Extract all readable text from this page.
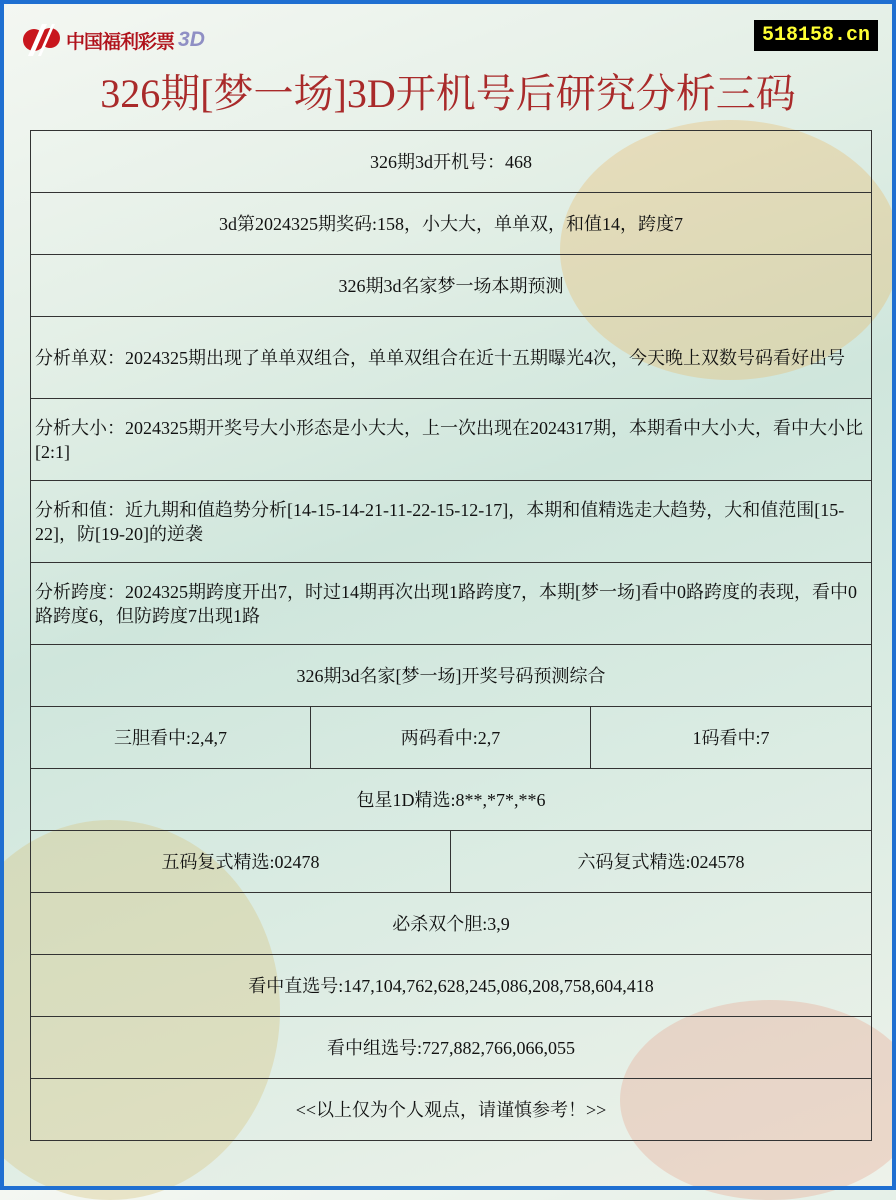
中国福利彩票 3D	518158.cn
326期[梦一场]3D开机号后研究分析三码
326期3d开机号：468			
3d第2024325期奖码:158，小大大，单单双，和值14，跨度7			
326期3d名家梦一场本期预测			
分析单双：2024325期出现了单单双组合，单单双组合在近十五期曝光4次，今天晚上双数号码看好出号			
分析大小：2024325期开奖号大小形态是小大大，上一次出现在2024317期，本期看中大小大，看中大小比[2:1]			
分析和值：近九期和值趋势分析[14-15-14-21-11-22-15-12-17]，本期和值精选走大趋势，大和值范围[15-22]，防[19-20]的逆袭			
分析跨度：2024325期跨度开出7，时过14期再次出现1路跨度7，本期[梦一场]看中0路跨度的表现，看中0路跨度6，但防跨度7出现1路			
326期3d名家[梦一场]开奖号码预测综合			
三胆看中:2,4,7	两码看中:2,7		1码看中:7
包星1D精选:8**,*7*,**6			
五码复式精选:02478		六码复式精选:024578	
必杀双个胆:3,9			
看中直选号:147,104,762,628,245,086,208,758,604,418			
看中组选号:727,882,766,066,055			
<<以上仅为个人观点，请谨慎参考！>>			
